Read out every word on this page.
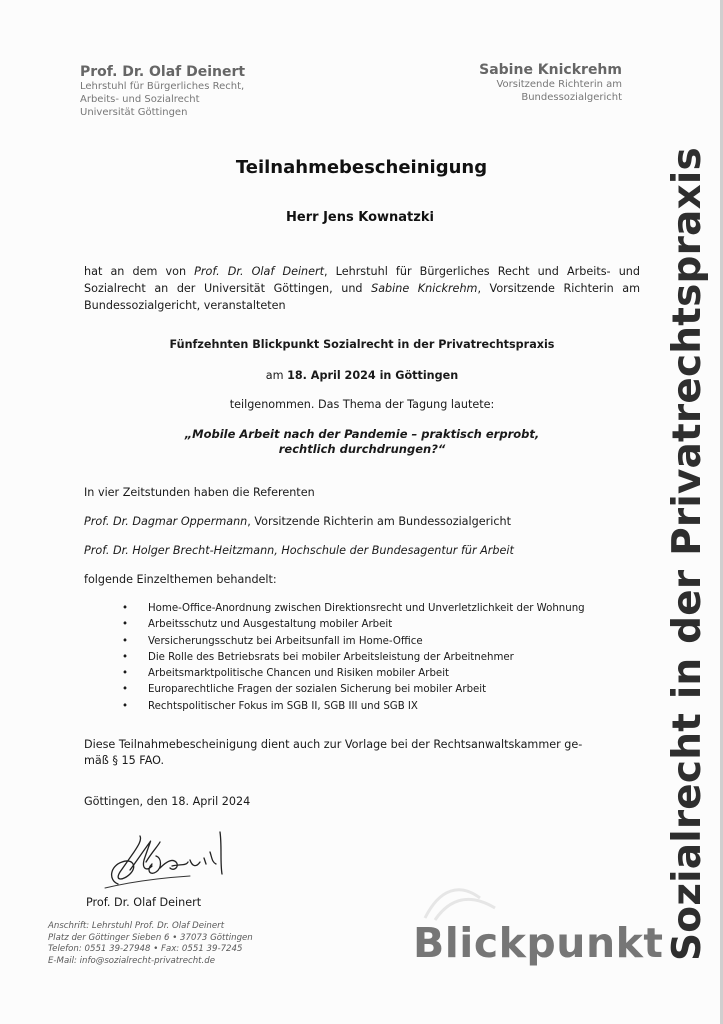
Prof. Dr. Olaf Deinert
Lehrstuhl für Bürgerliches Recht,
Arbeits- und Sozialrecht
Universität Göttingen
Sabine Knickrehm
Vorsitzende Richterin am
Bundessozialgericht
Teilnahmebescheinigung
Herr Jens Kownatzki
hat an dem von Prof. Dr. Olaf Deinert, Lehrstuhl für Bürgerliches Recht und Arbeits- und Sozialrecht an der Universität Göttingen, und Sabine Knickrehm, Vorsitzende Richterin am Bundessozialgericht, veranstalteten
Fünfzehnten Blickpunkt Sozialrecht in der Privatrechtspraxis
am 18. April 2024 in Göttingen
teilgenommen. Das Thema der Tagung lautete:
„Mobile Arbeit nach der Pandemie – praktisch erprobt,
rechtlich durchdrungen?“
In vier Zeitstunden haben die Referenten
Prof. Dr. Dagmar Oppermann, Vorsitzende Richterin am Bundessozialgericht
Prof. Dr. Holger Brecht-Heitzmann, Hochschule der Bundesagentur für Arbeit
folgende Einzelthemen behandelt:
• Home-Office-Anordnung zwischen Direktionsrecht und Unverletzlichkeit der Wohnung
• Arbeitsschutz und Ausgestaltung mobiler Arbeit
• Versicherungsschutz bei Arbeitsunfall im Home-Office
• Die Rolle des Betriebsrats bei mobiler Arbeitsleistung der Arbeitnehmer
• Arbeitsmarktpolitische Chancen und Risiken mobiler Arbeit
• Europarechtliche Fragen der sozialen Sicherung bei mobiler Arbeit
• Rechtspolitischer Fokus im SGB II, SGB III und SGB IX
Diese Teilnahmebescheinigung dient auch zur Vorlage bei der Rechtsanwaltskammer ge-
mäß § 15 FAO.
Göttingen, den 18. April 2024
Prof. Dr. Olaf Deinert
Anschrift: Lehrstuhl Prof. Dr. Olaf Deinert
Platz der Göttinger Sieben 6 • 37073 Göttingen
Telefon: 0551 39-27948 • Fax: 0551 39-7245
E-Mail: info@sozialrecht-privatrecht.de	Blickpunkt Sozialrecht in der Privatrechtspraxis
